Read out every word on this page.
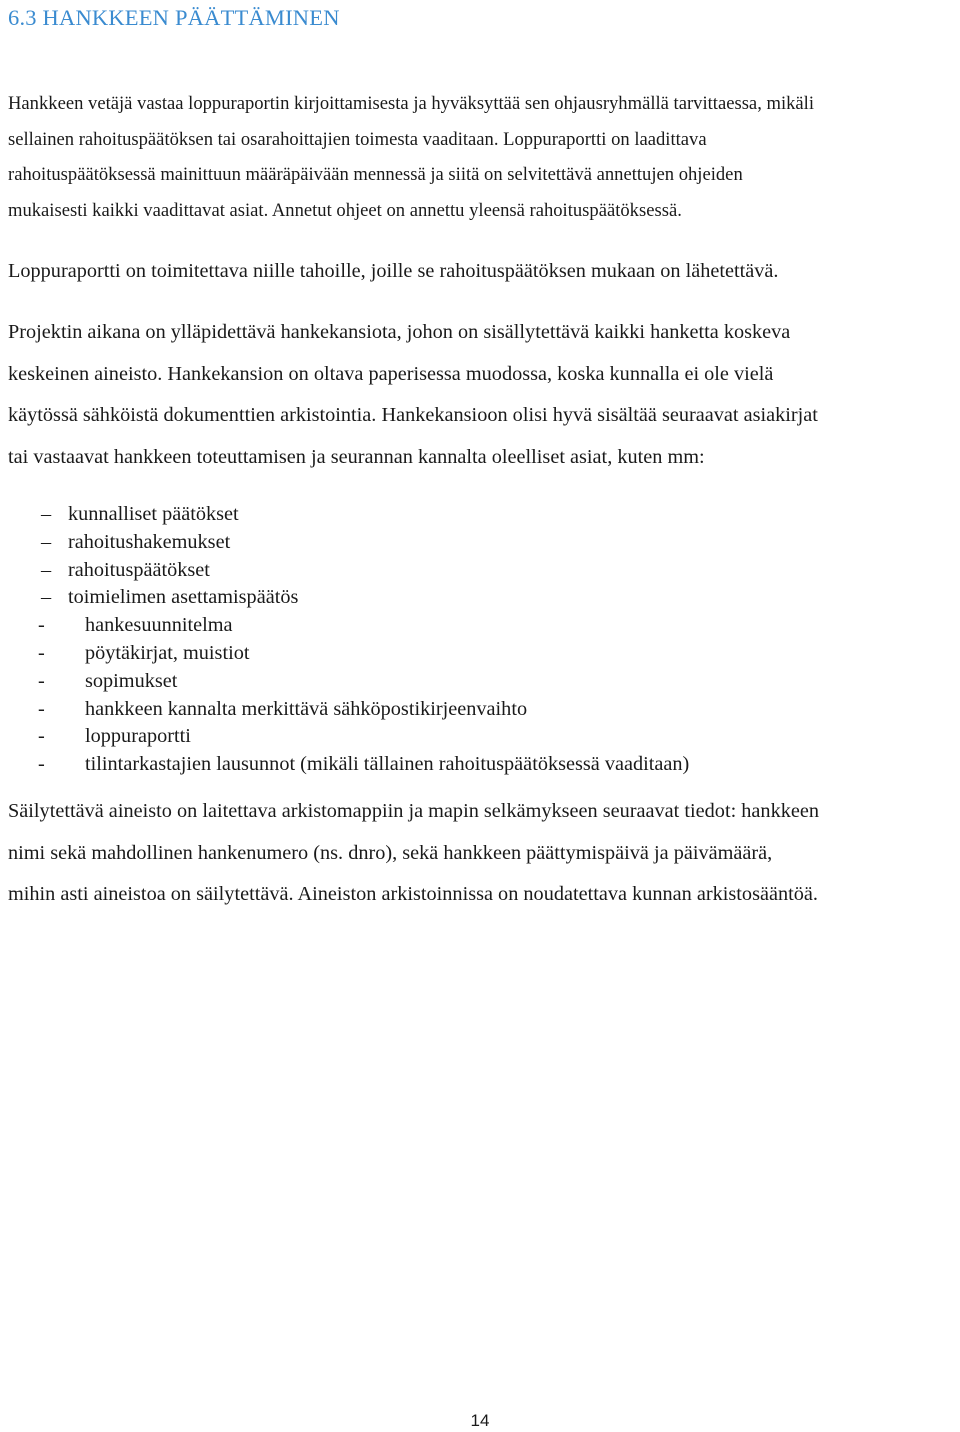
6.3 HANKKEEN PÄÄTTÄMINEN

Hankkeen vetäjä vastaa loppuraportin kirjoittamisesta ja hyväksyttää sen ohjausryhmällä tarvittaessa, mikäli
sellainen rahoituspäätöksen tai osarahoittajien toimesta vaaditaan. Loppuraportti on laadittava
rahoituspäätöksessä mainittuun määräpäivään mennessä ja siitä on selvitettävä annettujen ohjeiden
mukaisesti kaikki vaadittavat asiat. Annetut ohjeet on annettu yleensä rahoituspäätöksessä.

Loppuraportti on toimitettava niille tahoille, joille se rahoituspäätöksen mukaan on lähetettävä.

Projektin aikana on ylläpidettävä hankekansiota, johon on sisällytettävä kaikki hanketta koskeva
keskeinen aineisto. Hankekansion on oltava paperisessa muodossa, koska kunnalla ei ole vielä
käytössä sähköistä dokumenttien arkistointia. Hankekansioon olisi hyvä sisältää seuraavat asiakirjat
tai vastaavat hankkeen toteuttamisen ja seurannan kannalta oleelliset asiat, kuten mm:

– kunnalliset päätökset
– rahoitushakemukset
– rahoituspäätökset
– toimielimen asettamispäätös
- hankesuunnitelma
- pöytäkirjat, muistiot
- sopimukset
- hankkeen kannalta merkittävä sähköpostikirjeenvaihto
- loppuraportti
- tilintarkastajien lausunnot (mikäli tällainen rahoituspäätöksessä vaaditaan)

Säilytettävä aineisto on laitettava arkistomappiin ja mapin selkämykseen seuraavat tiedot: hankkeen
nimi sekä mahdollinen hankenumero (ns. dnro), sekä hankkeen päättymispäivä ja päivämäärä,
mihin asti aineistoa on säilytettävä. Aineiston arkistoinnissa on noudatettava kunnan arkistosääntöä.

14
